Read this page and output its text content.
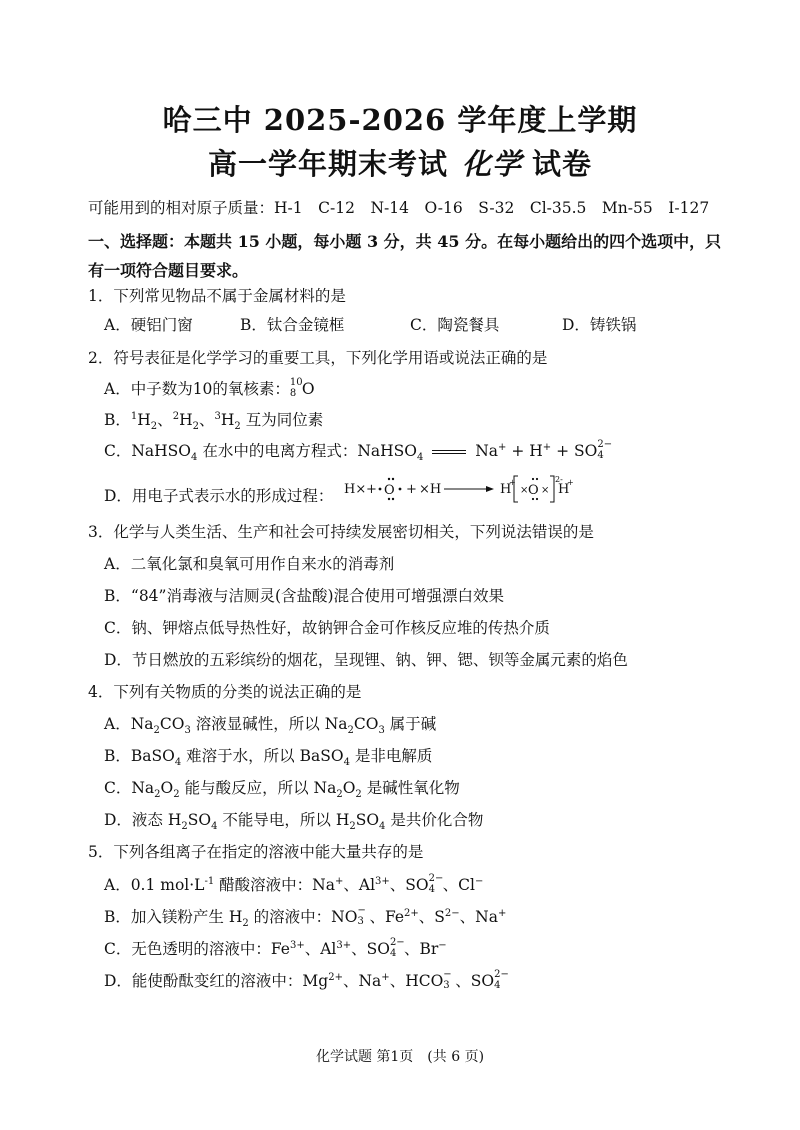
哈三中 2025-2026 学年度上学期
高一学年期末考试 化学 试卷
可能用到的相对原子质量：H-1　C-12　N-14　O-16　S-32　Cl-35.5　Mn-55　I-127
一、选择题：本题共 15 小题，每小题 3 分，共 45 分。在每小题给出的四个选项中，只
有一项符合题目要求。
1．下列常见物品不属于金属材料的是
A．硬铝门窗	B．钛合金镜框	C．陶瓷餐具	D．铸铁锅
2．符号表征是化学学习的重要工具，下列化学用语或说法正确的是
A．中子数为10的氧核素： 10
8 O
B．$^1H_2$、$^2H_2$、$^3H_2$ 互为同位素
C．NaHSO$_4$ 在水中的电离方程式：NaHSO$_4$	Na+ + H+ + SO 2−
4
D．用电子式表示水的形成过程： H× + O + ×H	H
+
× O ×
2-
H
+
3．化学与人类生活、生产和社会可持续发展密切相关，下列说法错误的是
A．二氧化氯和臭氧可用作自来水的消毒剂
B．“84”消毒液与洁厕灵(含盐酸)混合使用可增强漂白效果
C．钠、钾熔点低导热性好，故钠钾合金可作核反应堆的传热介质
D．节日燃放的五彩缤纷的烟花，呈现锂、钠、钾、锶、钡等金属元素的焰色
4．下列有关物质的分类的说法正确的是
A．$Na_2CO_3$ 溶液显碱性，所以 $Na_2CO_3$ 属于碱
B．BaSO$_4$ 难溶于水，所以 BaSO$_4$ 是非电解质
C．$Na_2O_2$ 能与酸反应，所以 $Na_2O_2$ 是碱性氧化物
D．液态 $H_2SO_4$ 不能导电，所以 $H_2SO_4$ 是共价化合物
5．下列各组离子在指定的溶液中能大量共存的是
A．0.1 $mol\cdot L^{-1}$ 醋酸溶液中：Na+、$Al^{3+}$、SO 2−
4 、Cl−
B．加入镁粉产生 $H_2$ 的溶液中：NO −
3 、$Fe^{2+}$、$S^{2-}$、Na+
C．无色透明的溶液中：$Fe^{3+}$、$Al^{3+}$、SO 2−
4 、Br−
D．能使酚酞变红的溶液中：$Mg^{2+}$、Na+、HCO −
3 、SO 2−
4
化学试题 第1页　(共 6 页)
